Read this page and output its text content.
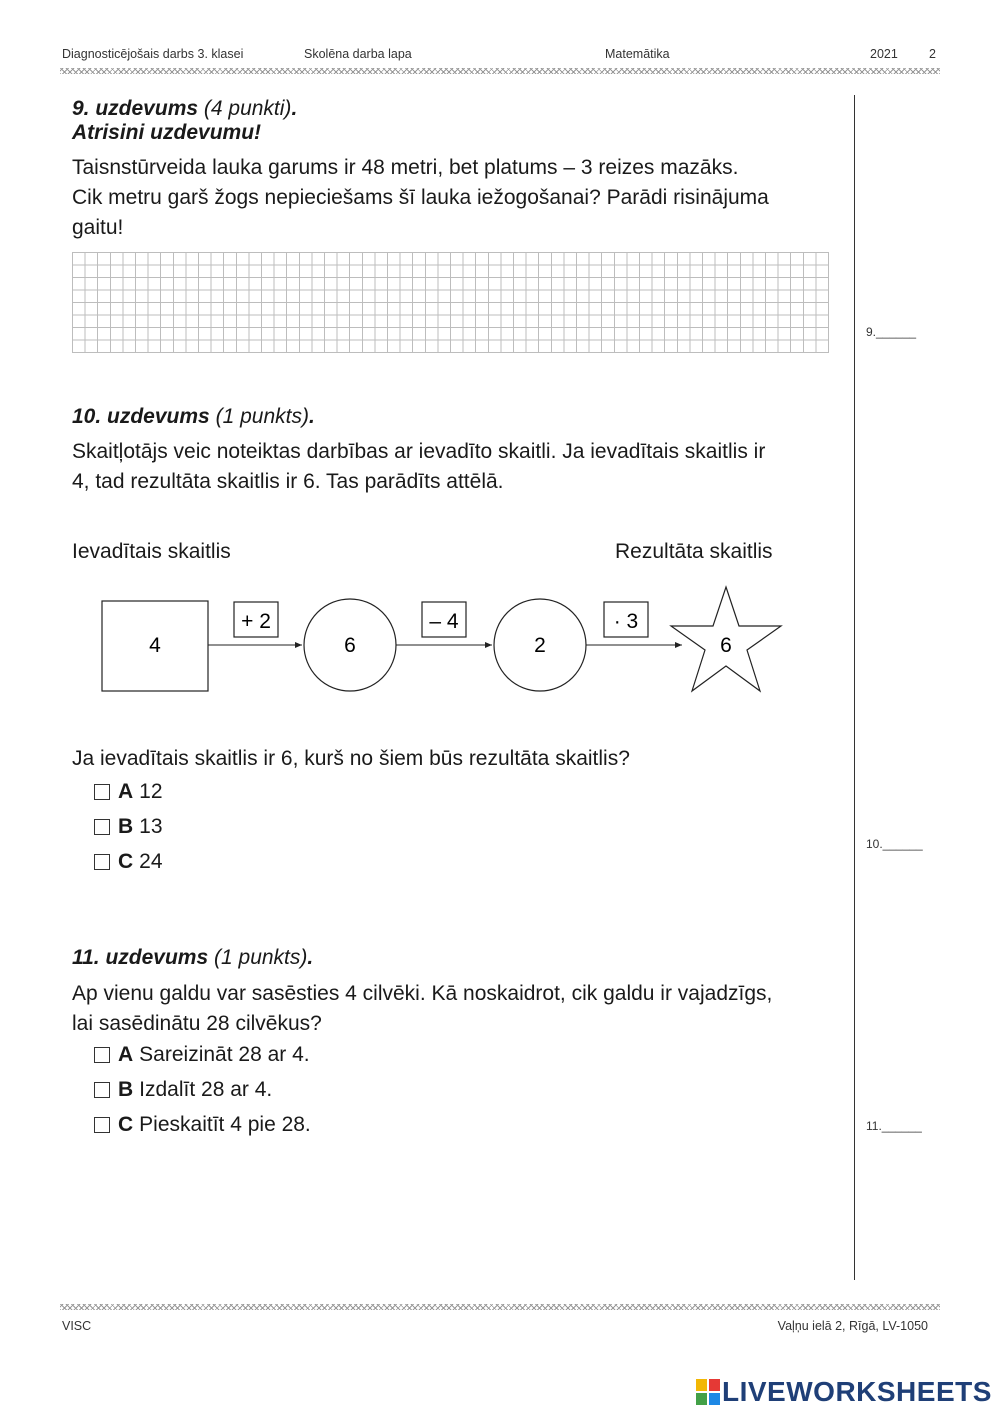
Diagnosticējošais darbs 3. klasei	Skolēna darba lapa	Matemātika	2021 2
9. uzdevums (4 punkti).
Atrisini uzdevumu!
Taisnstūrveida lauka garums ir 48 metri, bet platums – 3 reizes mazāks.
Cik metru garš žogs nepieciešams šī lauka iežogošanai? Parādi risinājuma
gaitu!
9.______
10. uzdevums (1 punkts).
Skaitļotājs veic noteiktas darbības ar ievadīto skaitli. Ja ievadītais skaitlis ir
4, tad rezultāta skaitlis ir 6. Tas parādīts attēlā.
Ievadītais skaitlis	Rezultāta skaitlis
4
+ 2
6
– 4
2
· 3
6
Ja ievadītais skaitlis ir 6, kurš no šiem būs rezultāta skaitlis?
A 12
B 13
C 24
10.______
11. uzdevums (1 punkts).
Ap vienu galdu var sasēsties 4 cilvēki. Kā noskaidrot, cik galdu ir vajadzīgs,
lai sasēdinātu 28 cilvēkus?
A Sareizināt 28 ar 4.
B Izdalīt 28 ar 4.
C Pieskaitīt 4 pie 28.	11.______
VISC	Vaļņu ielā 2, Rīgā, LV-1050
LIVEWORKSHEETS
